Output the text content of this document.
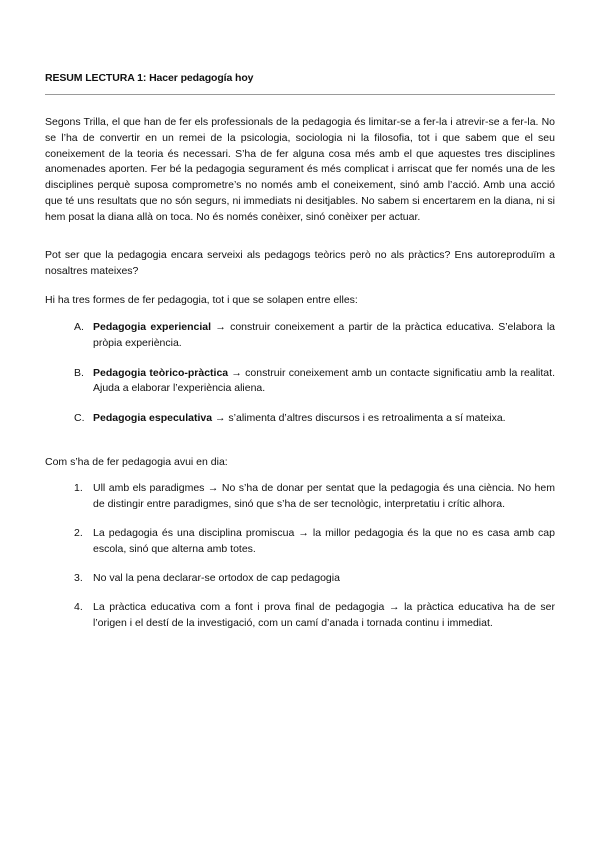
RESUM LECTURA 1: Hacer pedagogía hoy

Segons Trilla, el que han de fer els professionals de la pedagogia és limitar-se a fer-la i atrevir-se a fer-la. No se l’ha de convertir en un remei de la psicologia, sociologia ni la filosofia, tot i que sabem que el seu coneixement de la teoria és necessari. S’ha de fer alguna cosa més amb el que aquestes tres disciplines anomenades aporten. Fer bé la pedagogia segurament és més complicat i arriscat que fer només una de les disciplines perquè suposa comprometre’s no només amb el coneixement, sinó amb l’acció. Amb una acció que té uns resultats que no són segurs, ni immediats ni desitjables. No sabem si encertarem en la diana, ni si hem posat la diana allà on toca. No és només conèixer, sinó conèixer per actuar.

Pot ser que la pedagogia encara serveixi als pedagogs teòrics però no als pràctics? Ens autoreproduïm a nosaltres mateixes?

Hi ha tres formes de fer pedagogia, tot i que se solapen entre elles:

A. Pedagogia experiencial → construir coneixement a partir de la pràctica educativa. S’elabora la pròpia experiència.
B. Pedagogia teòrico-pràctica → construir coneixement amb un contacte significatiu amb la realitat. Ajuda a elaborar l’experiència aliena.
C. Pedagogia especulativa → s’alimenta d’altres discursos i es retroalimenta a sí mateixa.

Com s’ha de fer pedagogia avui en dia:

1. Ull amb els paradigmes → No s’ha de donar per sentat que la pedagogia és una ciència. No hem de distingir entre paradigmes, sinó que s’ha de ser tecnològic, interpretatiu i crític alhora.
2. La pedagogia és una disciplina promiscua → la millor pedagogia és la que no es casa amb cap escola, sinó que alterna amb totes.
3. No val la pena declarar-se ortodox de cap pedagogia
4. La pràctica educativa com a font i prova final de pedagogia → la pràctica educativa ha de ser l’origen i el destí de la investigació, com un camí d’anada i tornada continu i immediat.
